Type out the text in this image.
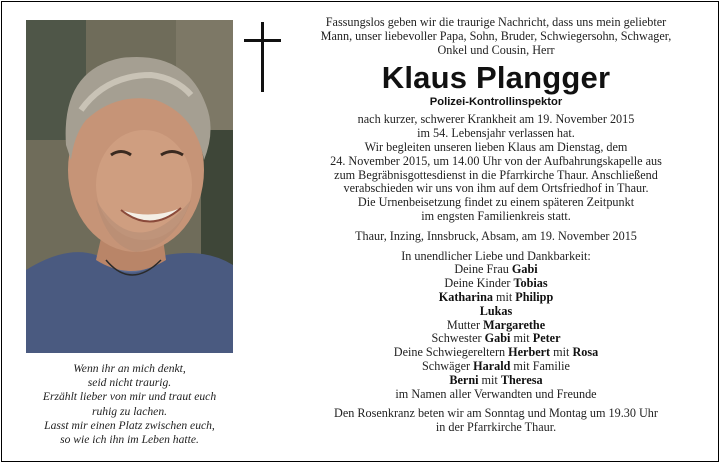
Wenn ihr an mich denkt,
seid nicht traurig.
Erzählt lieber von mir und traut euch
ruhig zu lachen.
Lasst mir einen Platz zwischen euch,
so wie ich ihn im Leben hatte.
Fassungslos geben wir die traurige Nachricht, dass uns mein geliebter
Mann, unser liebevoller Papa, Sohn, Bruder, Schwiegersohn, Schwager,
Onkel und Cousin, Herr
Klaus Plangger
Polizei-Kontrollinspektor
nach kurzer, schwerer Krankheit am 19. November 2015
im 54. Lebensjahr verlassen hat.
Wir begleiten unseren lieben Klaus am Dienstag, dem
24. November 2015, um 14.00 Uhr von der Aufbahrungskapelle aus
zum Begräbnisgottesdienst in die Pfarrkirche Thaur. Anschließend
verabschieden wir uns von ihm auf dem Ortsfriedhof in Thaur.
Die Urnenbeisetzung findet zu einem späteren Zeitpunkt
im engsten Familienkreis statt.
Thaur, Inzing, Innsbruck, Absam, am 19. November 2015
In unendlicher Liebe und Dankbarkeit:
Deine Frau Gabi
Deine Kinder Tobias
Katharina mit Philipp
Lukas
Mutter Margarethe
Schwester Gabi mit Peter
Deine Schwiegereltern Herbert mit Rosa
Schwäger Harald mit Familie
Berni mit Theresa
im Namen aller Verwandten und Freunde
Den Rosenkranz beten wir am Sonntag und Montag um 19.30 Uhr
in der Pfarrkirche Thaur.
